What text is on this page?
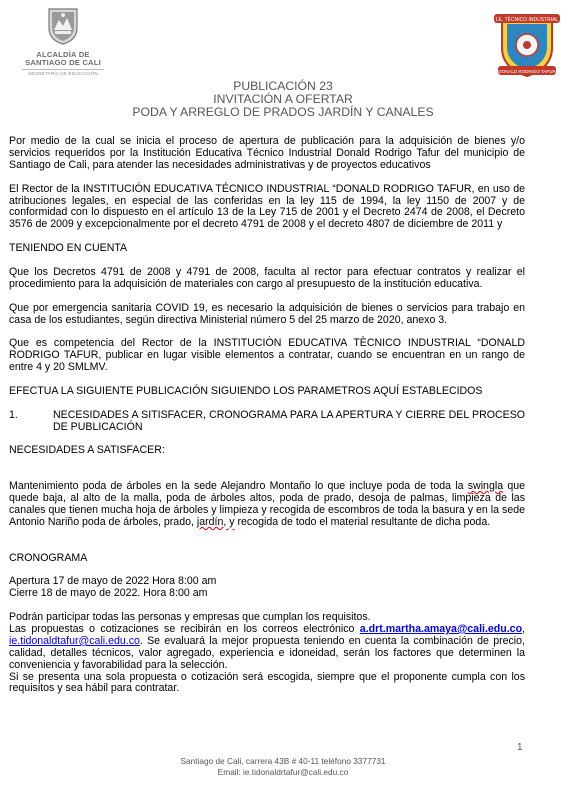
ALCALDÍA DE
SANTIAGO DE CALI
SECRETARÍA DE EDUCACIÓN
I.E. TÉCNICO INDUSTRIAL
DONALD RODRIGO TAFUR
PUBLICACIÓN 23
INVITACIÓN A OFERTAR
PODA Y ARREGLO DE PRADOS JARDÍN Y CANALES

Por medio de la cual se inicia el proceso de apertura de publicación para la adquisición de bienes y/o servicios requeridos por la Institución Educativa Técnico Industrial Donald Rodrigo Tafur del municipio de Santiago de Cali, para atender las necesidades administrativas y de proyectos educativos

El Rector de la INSTITUCIÓN EDUCATIVA TÉCNICO INDUSTRIAL “DONALD RODRIGO TAFUR, en uso de atribuciones legales, en especial de las conferidas en la ley 115 de 1994, la ley 1150 de 2007 y de conformidad con lo dispuesto en el artículo 13 de la Ley 715 de 2001 y el Decreto 2474 de 2008, el Decreto 3576 de 2009 y excepcionalmente por el decreto 4791 de 2008 y el decreto 4807 de diciembre de 2011 y

TENIENDO EN CUENTA

Que los Decretos 4791 de 2008 y 4791 de 2008, faculta al rector para efectuar contratos y realizar el procedimiento para la adquisición de materiales con cargo al presupuesto de la institución educativa.

Que por emergencia sanitaria COVID 19, es necesario la adquisición de bienes o servicios para trabajo en casa de los estudiantes, según directiva Ministerial número 5 del 25 marzo de 2020, anexo 3.

Que es competencia del Rector de la INSTITUCIÒN EDUCATIVA TÈCNICO INDUSTRIAL “DONALD RODRIGO TAFUR, publicar en lugar visible elementos a contratar, cuando se encuentran en un rango de entre 4 y 20 SMLMV.

EFECTUA LA SIGUIENTE PUBLICACIÓN SIGUIENDO LOS PARAMETROS AQUÍ ESTABLECIDOS

1.	NECESIDADES A SITISFACER, CRONOGRAMA PARA LA APERTURA Y CIERRE DEL PROCESO DE PUBLICACIÓN

NECESIDADES A SATISFACER:

Mantenimiento poda de árboles en la sede Alejandro Montaño lo que incluye poda de toda la swingla que quede baja, al alto de la malla, poda de árboles altos, poda de prado, desoja de palmas, limpieza de las canales que tienen mucha hoja de árboles y limpieza y recogida de escombros de toda la basura y en la sede Antonio Nariño poda de árboles, prado, jardín, y recogida de todo el material resultante de dicha poda.

CRONOGRAMA

Apertura 17 de mayo de 2022 Hora 8:00 am

Cierre 18 de mayo de 2022. Hora 8:00 am

Podrán participar todas las personas y empresas que cumplan los requisitos.

Las propuestas o cotizaciones se recibirán en los correos electrónico a.drt.martha.amaya@cali.edu.co, ie.tidonaldtafur@cali.edu.co. Se evaluará la mejor propuesta teniendo en cuenta la combinación de precio, calidad, detalles técnicos, valor agregado, experiencia e idoneidad, serán los factores que determinen la conveniencia y favorabilidad para la selección.

Si se presenta una sola propuesta o cotización será escogida, siempre que el proponente cumpla con los requisitos y sea hábil para contratar.

1
Santiago de Cali, carrera 43B # 40-11 teléfono 3377731
Email: ie.tidonaldrtafur@cali.edu.co
